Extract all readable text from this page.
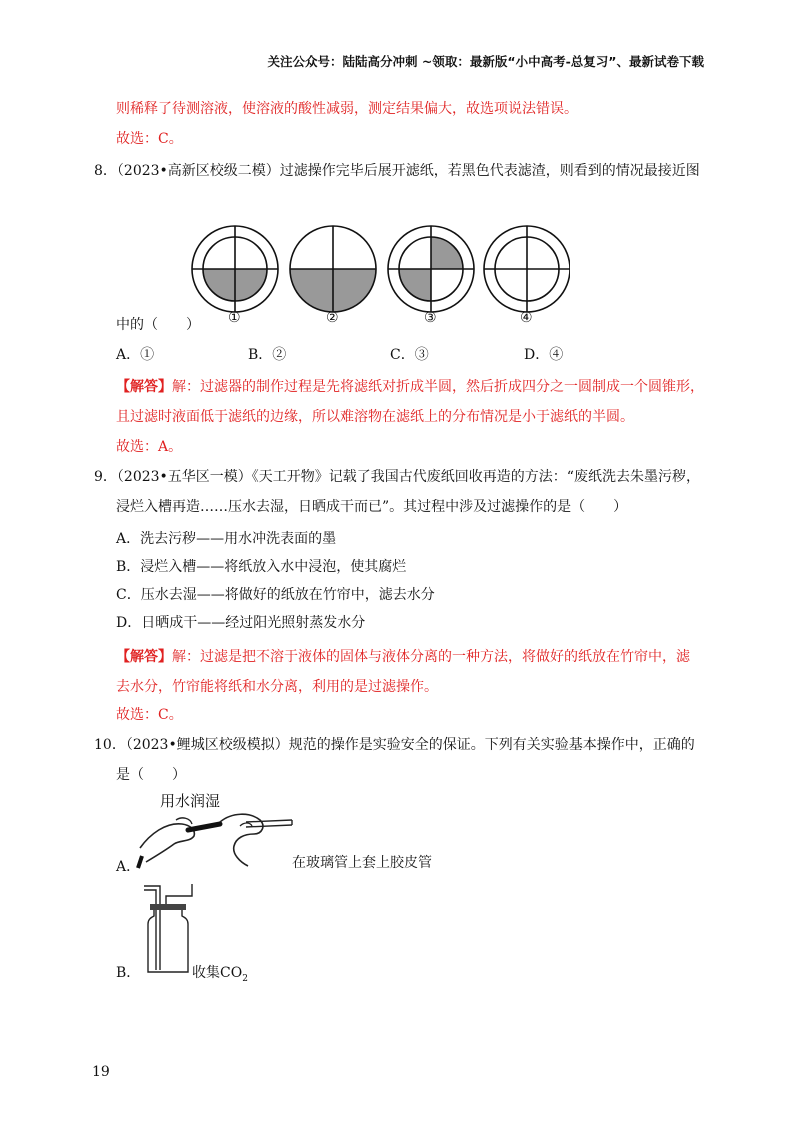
关注公众号：陆陆高分冲刺 ~领取：最新版“小中高考-总复习”、最新试卷下载
则稀释了待测溶液，使溶液的酸性减弱，测定结果偏大，故选项说法错误。
故选：C。
8．（2023•高新区校级二模）过滤操作完毕后展开滤纸，若黑色代表滤渣，则看到的情况最接近图
中的（　　） ①	②	③	④
A．①	B．②	C．③	D．④
【解答】解：过滤器的制作过程是先将滤纸对折成半圆，然后折成四分之一圆制成一个圆锥形，
且过滤时液面低于滤纸的边缘，所以难溶物在滤纸上的分布情况是小于滤纸的半圆。
故选：A。
9．（2023•五华区一模）《天工开物》记载了我国古代废纸回收再造的方法：“废纸洗去朱墨污秽，
浸烂入槽再造……压水去湿，日晒成干而已”。其过程中涉及过滤操作的是（　　）
A．洗去污秽——用水冲洗表面的墨
B．浸烂入槽——将纸放入水中浸泡，使其腐烂
C．压水去湿——将做好的纸放在竹帘中，滤去水分
D．日晒成干——经过阳光照射蒸发水分
【解答】解：过滤是把不溶于液体的固体与液体分离的一种方法，将做好的纸放在竹帘中，滤
去水分，竹帘能将纸和水分离，利用的是过滤操作。
故选：C。
10．（2023•鲤城区校级模拟）规范的操作是实验安全的保证。下列有关实验基本操作中，正确的
是（　　）
用水润湿
A．	在玻璃管上套上胶皮管
B．	收集$CO_2$
19
